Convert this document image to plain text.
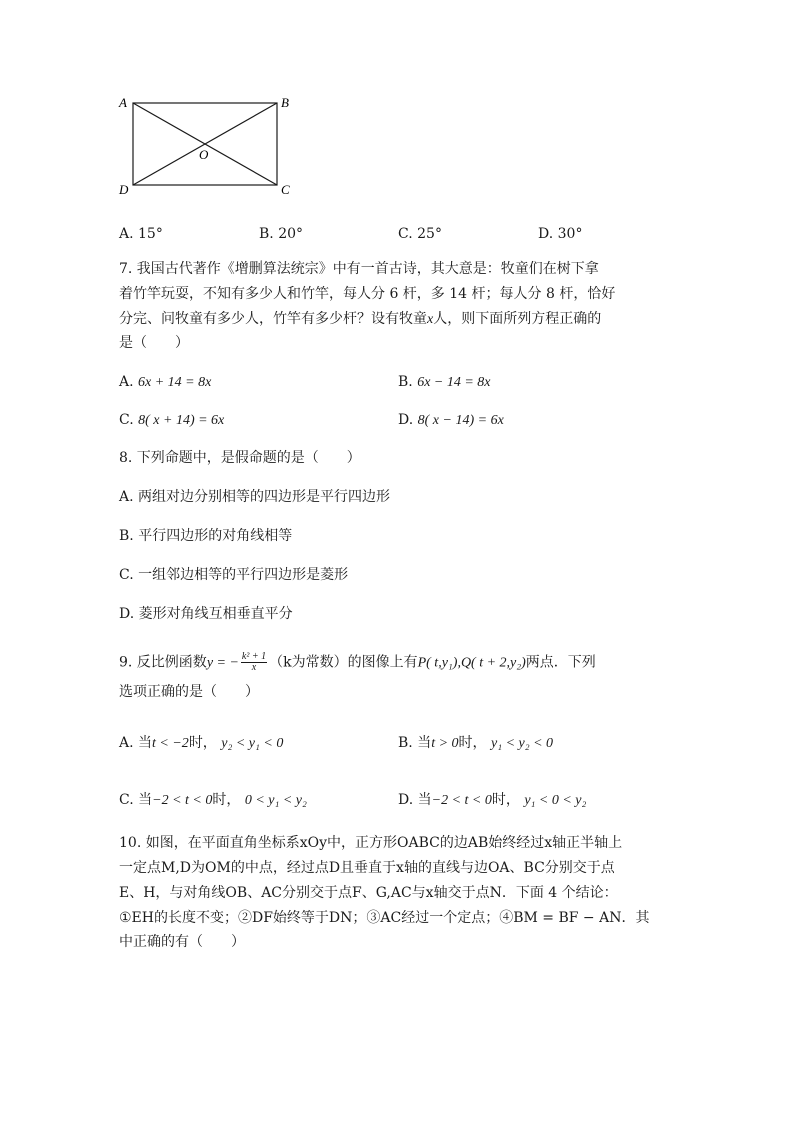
A	B
C
D
O
A. 15°	B. 20°	C. 25°	D. 30°
7. 我国古代著作《增删算法统宗》中有一首古诗，其大意是：牧童们在树下拿
着竹竿玩耍，不知有多少人和竹竿，每人分 6 杆，多 14 杆；每人分 8 杆，恰好
分完、问牧童有多少人，竹竿有多少杆？设有牧童x人，则下面所列方程正确的
是（　　）
A. 6x + 14 = 8x	B. 6x − 14 = 8x
C. 8( x + 14) = 6x	D. 8( x − 14) = 6x
8. 下列命题中，是假命题的是（　　）
A. 两组对边分别相等的四边形是平行四边形
B. 平行四边形的对角线相等
C. 一组邻边相等的平行四边形是菱形
D. 菱形对角线互相垂直平分
9. 反比例函数y = − $\frac{\text{k² + 1}}{x} (k$为常数）的图像上有P( t,y₁),Q( t + 2,y₂)两点．下列
选项正确的是（　　）
A. 当t < −2时， y₂ < y₁ < 0	B. 当t > 0时， y₁ < y₂ < 0
C. 当−2 < t < 0时， 0 < y₁ < y₂	D. 当−2 < t < 0时， y₁ < 0 < y₂
10. 如图，在平面直角坐标系xOy中，正方形OABC的边AB始终经过x轴正半轴上
一定点M,D为OM的中点，经过点D且垂直于x轴的直线与边OA、BC分别交于点
E、H，与对角线OB、AC分别交于点F、G,AC与x轴交于点N．下面 4 个结论：
①EH的长度不变；②DF始终等于DN；③AC经过一个定点；④BM = BF − AN．其
中正确的有（　　）
